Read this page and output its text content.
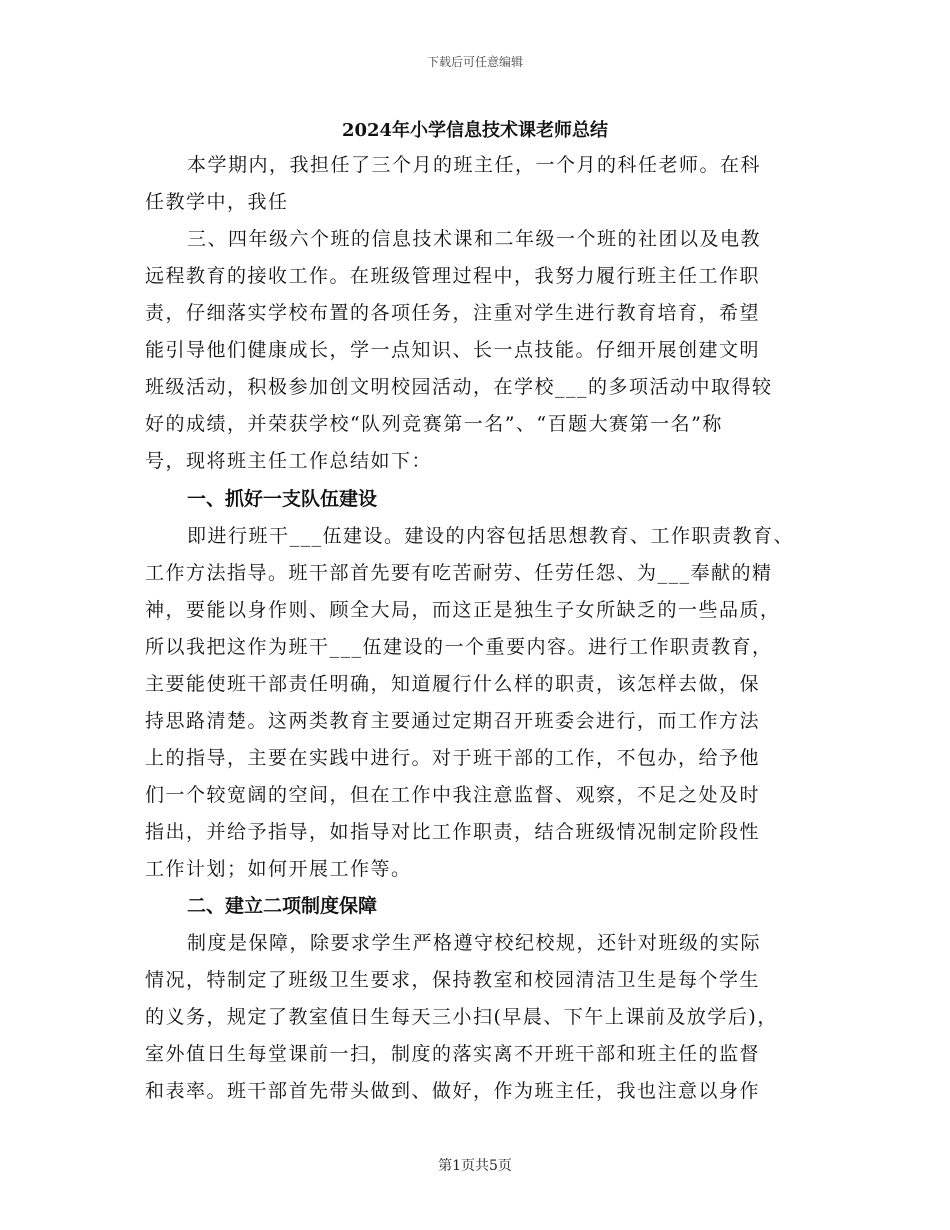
下载后可任意编辑
2024年小学信息技术课老师总结
本学期内，我担任了三个月的班主任，一个月的科任老师。在科
任教学中，我任
三、四年级六个班的信息技术课和二年级一个班的社团以及电教
远程教育的接收工作。在班级管理过程中，我努力履行班主任工作职
责，仔细落实学校布置的各项任务，注重对学生进行教育培育，希望
能引导他们健康成长，学一点知识、长一点技能。仔细开展创建文明
班级活动，积极参加创文明校园活动，在学校___的多项活动中取得较
好的成绩，并荣获学校“队列竞赛第一名”、“百题大赛第一名”称
号，现将班主任工作总结如下：
一、抓好一支队伍建设
即进行班干___伍建设。建设的内容包括思想教育、工作职责教育、
工作方法指导。班干部首先要有吃苦耐劳、任劳任怨、为___奉献的精
神，要能以身作则、顾全大局，而这正是独生子女所缺乏的一些品质，
所以我把这作为班干___伍建设的一个重要内容。进行工作职责教育，
主要能使班干部责任明确，知道履行什么样的职责，该怎样去做，保
持思路清楚。这两类教育主要通过定期召开班委会进行，而工作方法
上的指导，主要在实践中进行。对于班干部的工作，不包办，给予他
们一个较宽阔的空间，但在工作中我注意监督、观察，不足之处及时
指出，并给予指导，如指导对比工作职责，结合班级情况制定阶段性
工作计划；如何开展工作等。
二、建立二项制度保障
制度是保障，除要求学生严格遵守校纪校规，还针对班级的实际
情况，特制定了班级卫生要求，保持教室和校园清洁卫生是每个学生
的义务，规定了教室值日生每天三小扫(早晨、下午上课前及放学后)，
室外值日生每堂课前一扫，制度的落实离不开班干部和班主任的监督
和表率。班干部首先带头做到、做好，作为班主任，我也注意以身作
第1页共5页
